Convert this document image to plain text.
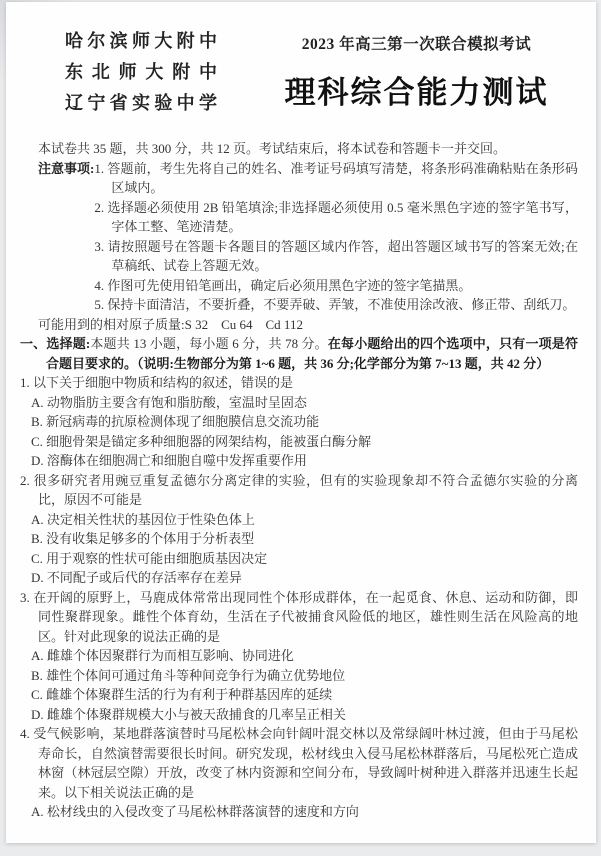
哈尔滨师大附中
东北师大附中
辽宁省实验中学
2023 年高三第一次联合模拟考试
理科综合能力测试

本试卷共 35 题，共 300 分，共 12 页。考试结束后，将本试卷和答题卡一并交回。

注意事项: 1. 答题前，考生先将自己的姓名、准考证号码填写清楚，将条形码准确粘贴在条形码区域内。
2. 选择题必须使用 2B 铅笔填涂;非选择题必须使用 0.5 毫米黑色字迹的签字笔书写，字体工整、笔迹清楚。
3. 请按照题号在答题卡各题目的答题区域内作答，超出答题区域书写的答案无效;在草稿纸、试卷上答题无效。
4. 作图可先使用铅笔画出，确定后必须用黑色字迹的签字笔描黑。
5. 保持卡面清洁，不要折叠，不要弄破、弄皱，不准使用涂改液、修正带、刮纸刀。

可能用到的相对原子质量:S 32　Cu 64　Cd 112

一、选择题:本题共 13 小题，每小题 6 分，共 78 分。在每小题给出的四个选项中，只有一项是符合题目要求的。（说明:生物部分为第 1~6 题，共 36 分;化学部分为第 7~13 题，共 42 分）

1. 以下关于细胞中物质和结构的叙述，错误的是

A. 动物脂肪主要含有饱和脂肪酸，室温时呈固态
B. 新冠病毒的抗原检测体现了细胞膜信息交流功能
C. 细胞骨架是锚定多种细胞器的网架结构，能被蛋白酶分解
D. 溶酶体在细胞凋亡和细胞自噬中发挥重要作用

2. 很多研究者用豌豆重复孟德尔分离定律的实验，但有的实验现象却不符合孟德尔实验的分离比，原因不可能是

A. 决定相关性状的基因位于性染色体上
B. 没有收集足够多的个体用于分析表型
C. 用于观察的性状可能由细胞质基因决定
D. 不同配子或后代的存活率存在差异

3. 在开阔的原野上，马鹿成体常常出现同性个体形成群体，在一起觅食、休息、运动和防御，即同性聚群现象。雌性个体育幼，生活在子代被捕食风险低的地区，雄性则生活在风险高的地区。针对此现象的说法正确的是

A. 雌雄个体因聚群行为而相互影响、协同进化
B. 雄性个体间可通过角斗等种间竞争行为确立优势地位
C. 雌雄个体聚群生活的行为有利于种群基因库的延续
D. 雌雄个体聚群规模大小与被天敌捕食的几率呈正相关

4. 受气候影响，某地群落演替时马尾松林会向针阔叶混交林以及常绿阔叶林过渡，但由于马尾松寿命长，自然演替需要很长时间。研究发现，松材线虫入侵马尾松林群落后，马尾松死亡造成林窗（林冠层空隙）开放，改变了林内资源和空间分布，导致阔叶树种进入群落并迅速生长起来。以下相关说法正确的是

A. 松材线虫的入侵改变了马尾松林群落演替的速度和方向
